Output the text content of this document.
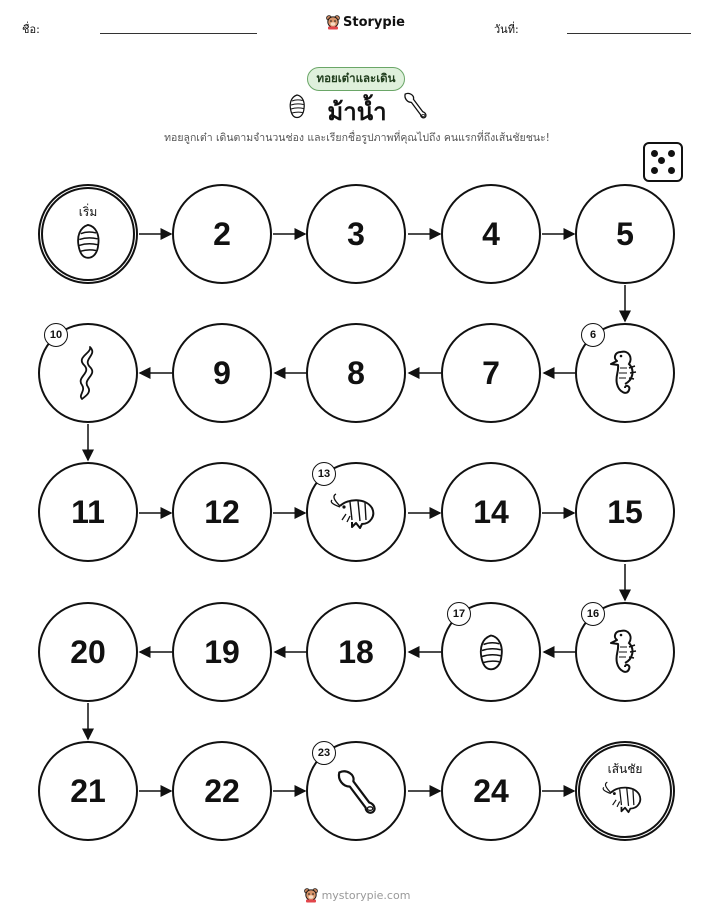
ชื่อ:	Storypie	วันที่:
ทอยเต๋าและเดิน
ม้าน้ำ
ทอยลูกเต๋า เดินตามจำนวนช่อง และเรียกชื่อรูปภาพที่คุณไปถึง คนแรกที่ถึงเส้นชัยชนะ!
เริ่ม
2	3	4	5
10
9	8	7
6
11	12
13
14	15
20	19	18
17	16
21	22
23
24
เส้นชัย
mystorypie.com
